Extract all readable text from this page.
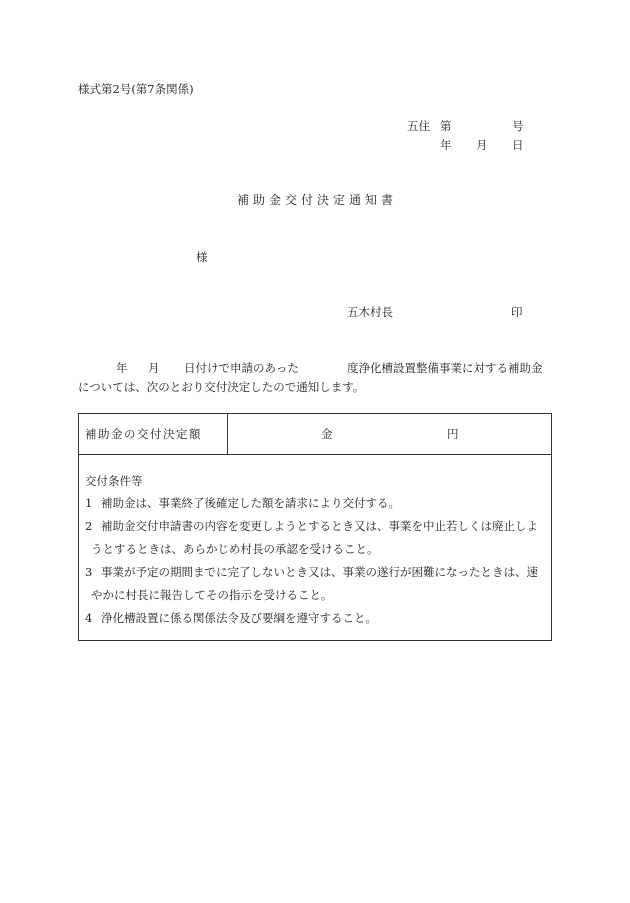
様式第2号(第7条関係)
五住 第	号
年 月 日
補助金交付決定通知書
様
五木村長	印
年 月 日付けで申請のあった	度浄化槽設置整備事業に対する補助金
については、次のとおり交付決定したので通知します。
補助金の交付決定額	金	円
交付条件等
1 補助金は、事業終了後確定した額を請求により交付する。
2 補助金交付申請書の内容を変更しようとするとき又は、事業を中止若しくは廃止しよ
うとするときは、あらかじめ村長の承認を受けること。
3 事業が予定の期間までに完了しないとき又は、事業の遂行が困難になったときは、速
やかに村長に報告してその指示を受けること。
4 浄化槽設置に係る関係法令及び要綱を遵守すること。
